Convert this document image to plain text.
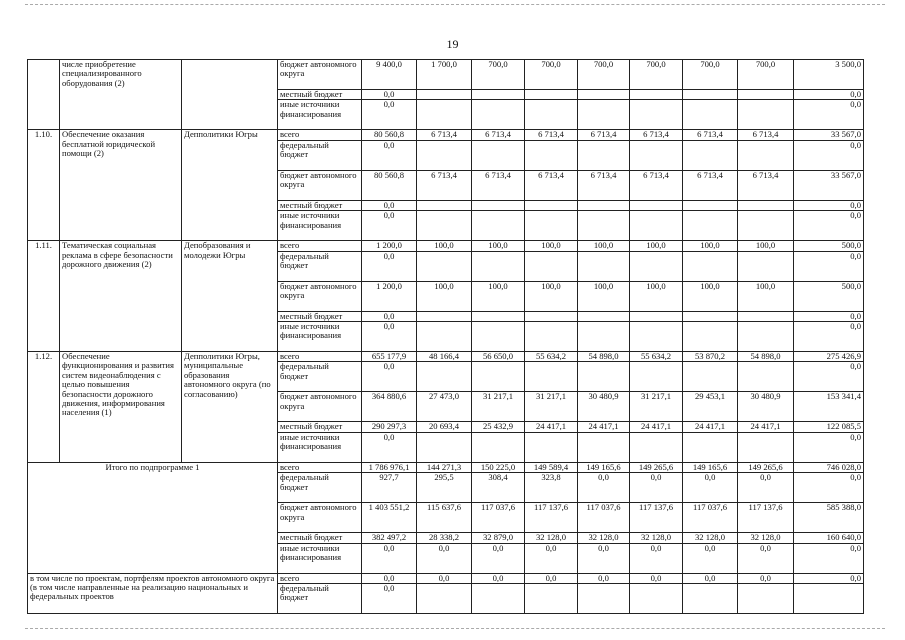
19
	числе приобретение специализированного оборудования (2)		бюджет автономного округа	9 400,0	1 700,0	700,0	700,0	700,0	700,0	700,0	700,0	3 500,0
			местный бюджет	0,0								0,0
			иные источники финансирования	0,0								0,0
1.10.	Обеспечение оказания бесплатной юридической помощи (2)	Депполитики Югры	всего	80 560,8	6 713,4	6 713,4	6 713,4	6 713,4	6 713,4	6 713,4	6 713,4	33 567,0
			федеральный бюджет	0,0								0,0
			бюджет автономного округа	80 560,8	6 713,4	6 713,4	6 713,4	6 713,4	6 713,4	6 713,4	6 713,4	33 567,0
			местный бюджет	0,0								0,0
			иные источники финансирования	0,0								0,0
1.11.	Тематическая социальная реклама в сфере безопасности дорожного движения (2)	Депобразования и молодежи Югры	всего	1 200,0	100,0	100,0	100,0	100,0	100,0	100,0	100,0	500,0
			федеральный бюджет	0,0								0,0
			бюджет автономного округа	1 200,0	100,0	100,0	100,0	100,0	100,0	100,0	100,0	500,0
			местный бюджет	0,0								0,0
			иные источники финансирования	0,0								0,0
1.12.	Обеспечение функционирования и развития систем видеонаблюдения с целью повышения безопасности дорожного движения, информирования населения (1)	Депполитики Югры, муниципальные образования автономного округа (по согласованию)	всего	655 177,9	48 166,4	56 650,0	55 634,2	54 898,0	55 634,2	53 870,2	54 898,0	275 426,9
			федеральный бюджет	0,0								0,0
			бюджет автономного округа	364 880,6	27 473,0	31 217,1	31 217,1	30 480,9	31 217,1	29 453,1	30 480,9	153 341,4
			местный бюджет	290 297,3	20 693,4	25 432,9	24 417,1	24 417,1	24 417,1	24 417,1	24 417,1	122 085,5
			иные источники финансирования	0,0								0,0
Итого по подпрограмме 1			всего	1 786 976,1	144 271,3	150 225,0	149 589,4	149 165,6	149 265,6	149 165,6	149 265,6	746 028,0
			федеральный бюджет	927,7	295,5	308,4	323,8	0,0	0,0	0,0	0,0	0,0
			бюджет автономного округа	1 403 551,2	115 637,6	117 037,6	117 137,6	117 037,6	117 137,6	117 037,6	117 137,6	585 388,0
			местный бюджет	382 497,2	28 338,2	32 879,0	32 128,0	32 128,0	32 128,0	32 128,0	32 128,0	160 640,0
			иные источники финансирования	0,0	0,0	0,0	0,0	0,0	0,0	0,0	0,0	0,0
в том числе по проектам, портфелям проектов автономного округа (в том числе направленные на реализацию национальных и федеральных проектов			всего	0,0	0,0	0,0	0,0	0,0	0,0	0,0	0,0	0,0
			федеральный бюджет	0,0								
